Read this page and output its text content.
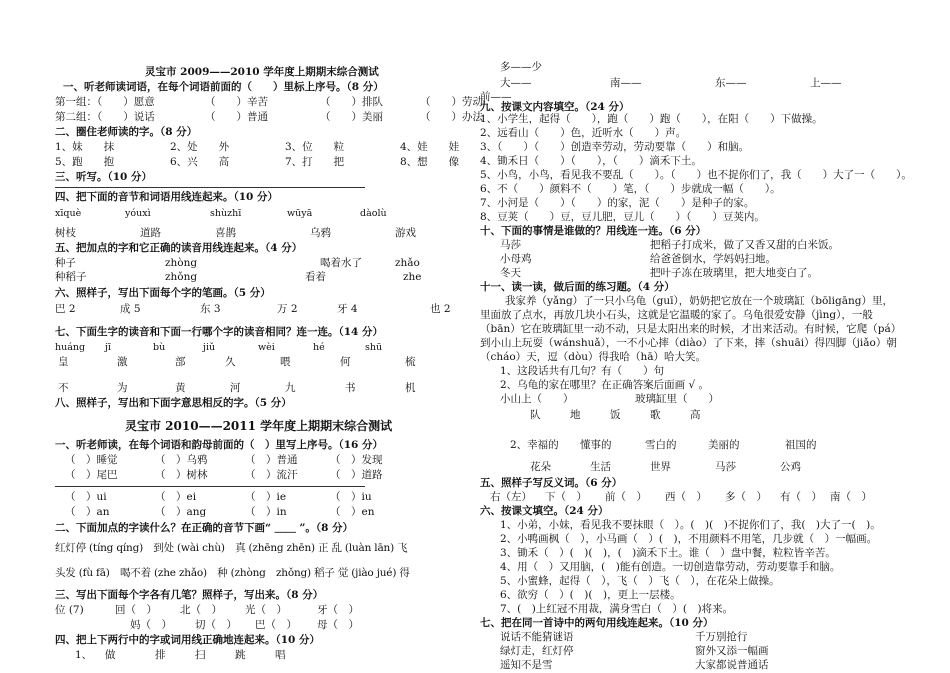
灵宝市 2009——2010 学年度上期期末综合测试
一、听老师读词语，在每个词语前面的（　　）里标上序号。（8 分）
第一组：（　　）愿意	（　　）辛苦	（　　）排队	（　　）劳动
第二组：（　　）说话	（　　）普通	（　　）美丽	（　　）办法
二、圈住老师读的字。（8 分）
1、妹　　抹	2、处　　外	3、位　　粒	4、娃　　娃
5、跑　　抱	6、兴　　高	7、打　　把	8、想　　像
三、听写。（10 分）
四、把下面的音节和词语用线连起来。（10 分）
xīquè	yóuxì	shùzhī	wūyā	dàolù
树枝	道路	喜鹊	乌鸦	游戏
五、把加点的字和它正确的读音用线连起来。（4 分）
种子	zhòng	喝着水了	zhǎo
种稻子	zhǒng	看着	zhe
六、照样子，写出下面每个字的笔画。（5 分）
巴 2	成 5	东 3	万 2	牙 4	也 2
七、下面生字的读音和下面一行哪个字的读音相同？连一连。（14 分）
huáng jī	bù	jiǔ	wèi	hé	shū
皇	激	部	久	喂	何	梳
不	为	黄	河	九	书	机
八、照样子，写出和下面字意思相反的字。（5 分）
灵宝市 2010——2011 学年度上期期末综合测试
一、听老师读，在每个词语和韵母前面的（　）里写上序号。（16 分）
（　）睡觉	（　）乌鸦	（　）普通	（　）发现
（　）尾巴	（　）树林	（　）流汗	（　）道路
（　）ui	（　）ei	（　）ie	（　）iu
（　）an	（　）ang	（　）in	（　）en
二、下面加点的字读什么？在正确的音节下画“ ＿＿ ”。（8 分）
红灯停 (tíng qíng)　到处 (wài chù)　真 (zhēng zhēn) 正 乱 (luàn lān) 飞
头发 (fù fā)　喝不着 (zhe zhǎo)　种 (zhòng　zhǒng) 稻子 觉 (jiào jué) 得
三、写出下面每个字各有几笔？照样子，写出来。（8 分）
位 (7)	回（　） 北（　） 光（　）	牙（　）
妈（　） 切（　） 巴（　） 母（　）
四、把上下两行中的字或词用线正确地连起来。（10 分）
1、 做	排	扫	跳	唱
多——少
大——	南——	东——	上——
前——
九、按课文内容填空。（24 分）
1、小学生，起得（　　），跑（　　）跑（　　），在阳（　　）下做操。
2、远看山（　　）色，近听水（　　）声。
3、（　　）（　　）创造幸劳动，劳动要靠（　　）和脑。
4、锄禾日（　　）（　　），（　　）滴禾下土。
5、小鸟，小鸟，看见我不要乱（　　）。（　　）也不捉你们了，我（　　）大了一（　　）。
6、不（　　）颜料不（　　）笔，（　　）步就成一幅（　　）。
7、小河是（　　）（　　）的家，泥（　　）是种子的家。
8、豆荚（　　）豆，豆儿肥，豆儿（　　）（　　）豆荚内。
十、下面的事情是谁做的？用线连一连。（6 分）
马莎	把稻子打成米，做了又香又甜的白米饭。
小母鸡	给爸爸倒水，学妈妈扫地。
冬天	把叶子冻在玻璃里，把大地变白了。
十一、读一读，做后面的练习题。（4 分）
我家养（yǎng）了一只小乌龟（guī），奶奶把它放在一个玻璃缸（bōligāng）里，
里面放了点水，再放几块小石头，这就是它温暖的家了。乌龟很爱安静（jìng），一般
（bān）它在玻璃缸里一动不动，只是太阳出来的时候，才出来活动。有时候，它爬（pá）
到小山上玩耍（wánshuǎ），一不小心摔（diào）了下来，摔（shuāi）得四脚（jiǎo）朝
（cháo）天，逗（dòu）得我哈（hā）哈大笑。
1、这段话共有几句？有（　　）句
2、乌龟的家在哪里？在正确答案后面画 √ 。
小山上（　　）	玻璃缸里（　　）
队	地	饭	歌	高
2、幸福的 懂事的	雪白的	美丽的	祖国的
花朵	生活	世界	马莎	公鸡
五、照样子写反义词。（6 分）
右（左） 下（　） 前（　） 西（　） 多（　） 有（　） 南（　）
六、按课文填空。（24 分）
1、小弟，小妹，看见我不要抹眼（　）。(　)(　)不捉你们了，我(　)大了一(　)。
2、小鸭画枫（　），小马画（　）(　)，不用颜料不用笔，几步就（　）一幅画。
3、锄禾（　）(　)(　)，(　)滴禾下土。谁（　）盘中餐，粒粒皆辛苦。
4、用（　）又用脑，(　)能有创造。一切创造靠劳动，劳动要靠手和脑。
5、小蜜蜂，起得（　），飞（　）飞（　），在花朵上做操。
6、欲穷（　）(　)(　)，更上一层楼。
7、(　)上红冠不用裁，满身雪白（　）(　)将来。
七、把在同一首诗中的两句用线连起来。（10 分）
说话不能猜谜语	千万别抢行
绿灯走，红灯停	窗外又添一幅画
遥知不是雪	大家都说普通话
